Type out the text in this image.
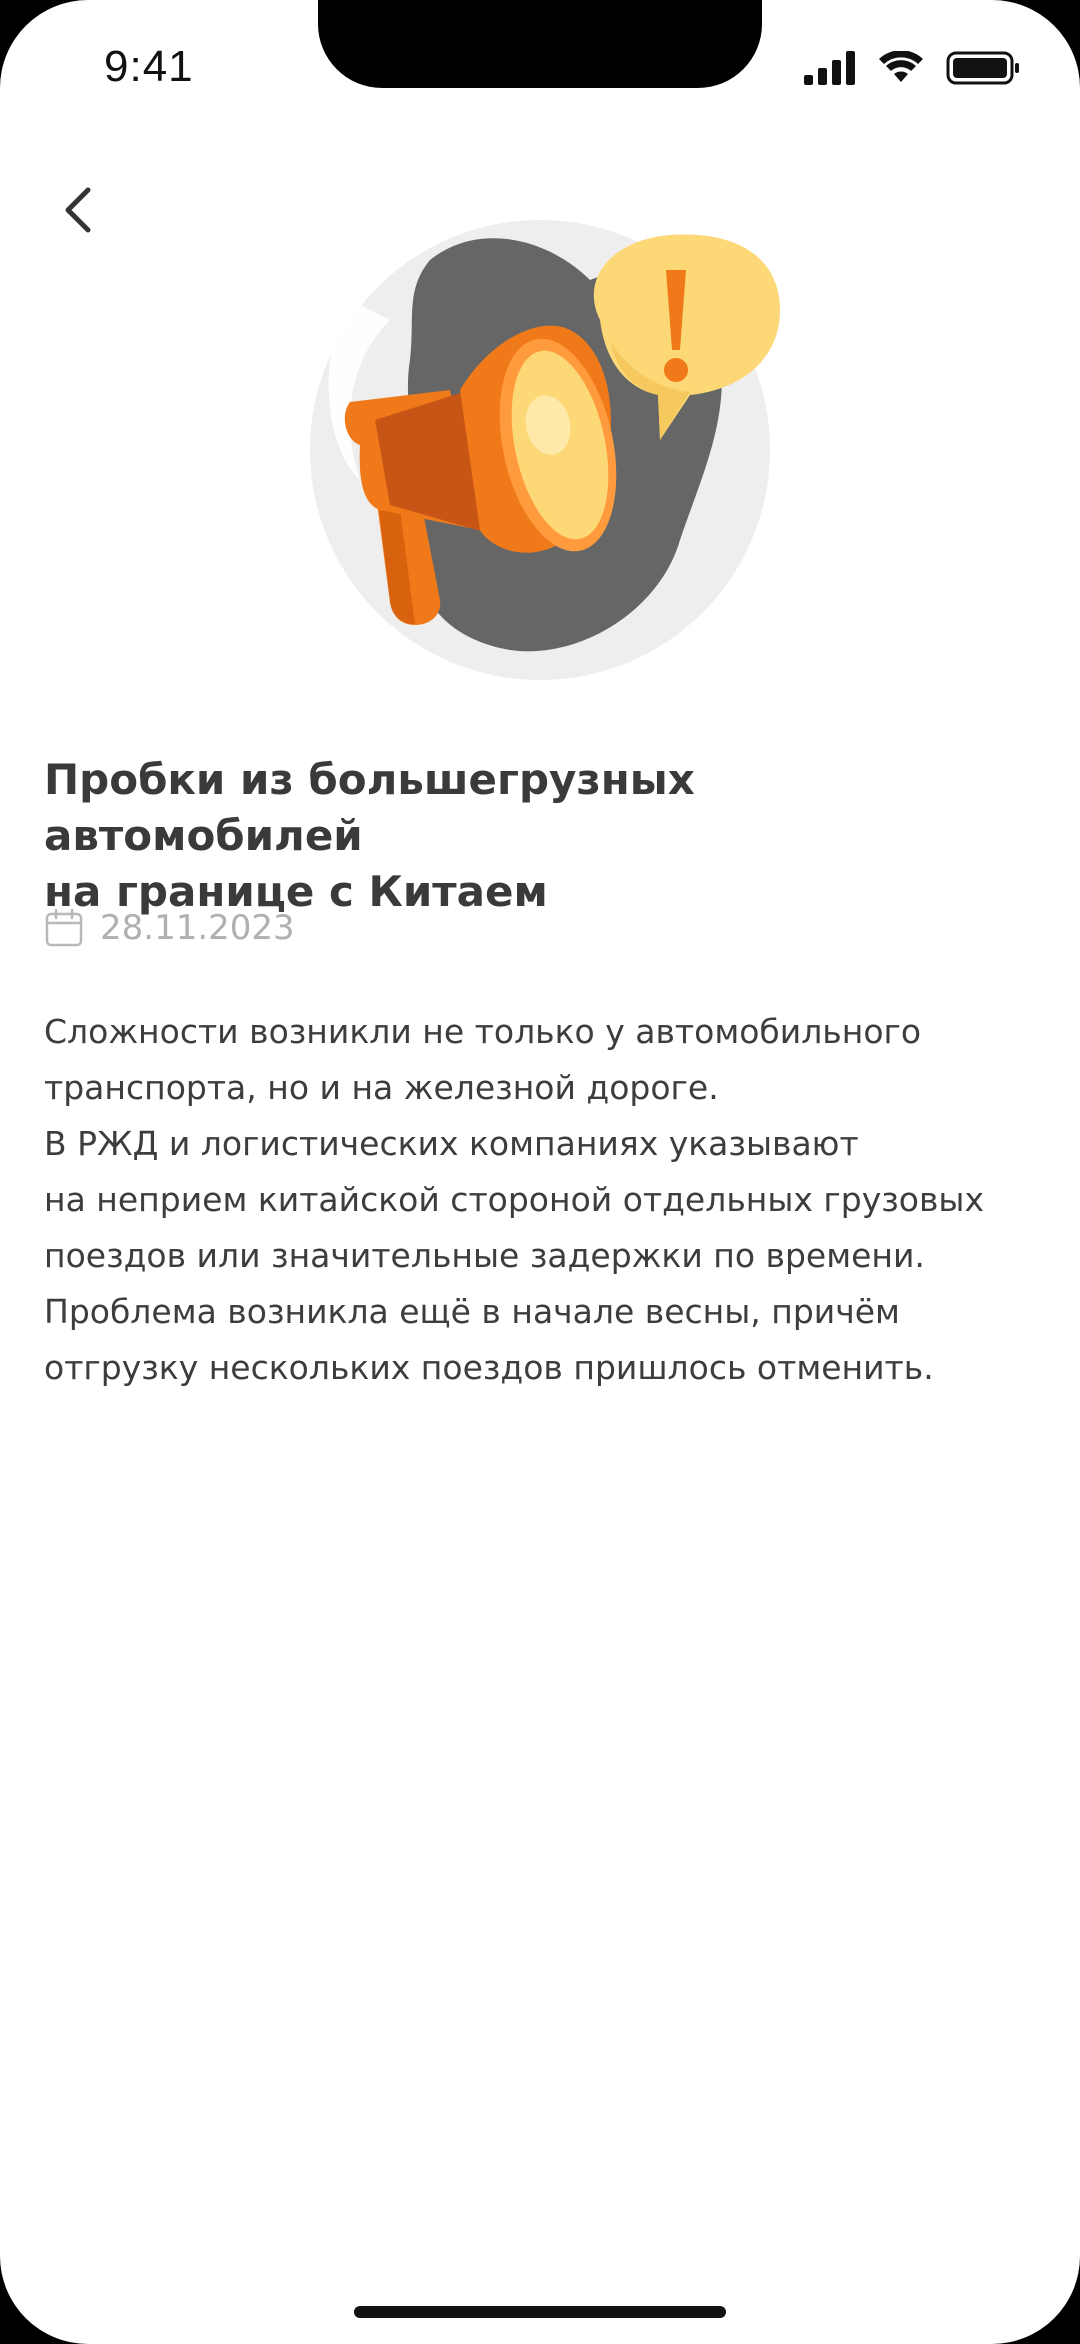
9:41
Пробки из большегрузных автомобилей
на границе с Китаем
28.11.2023
Сложности возникли не только у автомобильного
транспорта, но и на железной дороге.
В РЖД и логистических компаниях указывают
на неприем китайской стороной отдельных грузовых
поездов или значительные задержки по времени.
Проблема возникла ещё в начале весны, причём
отгрузку нескольких поездов пришлось отменить.
